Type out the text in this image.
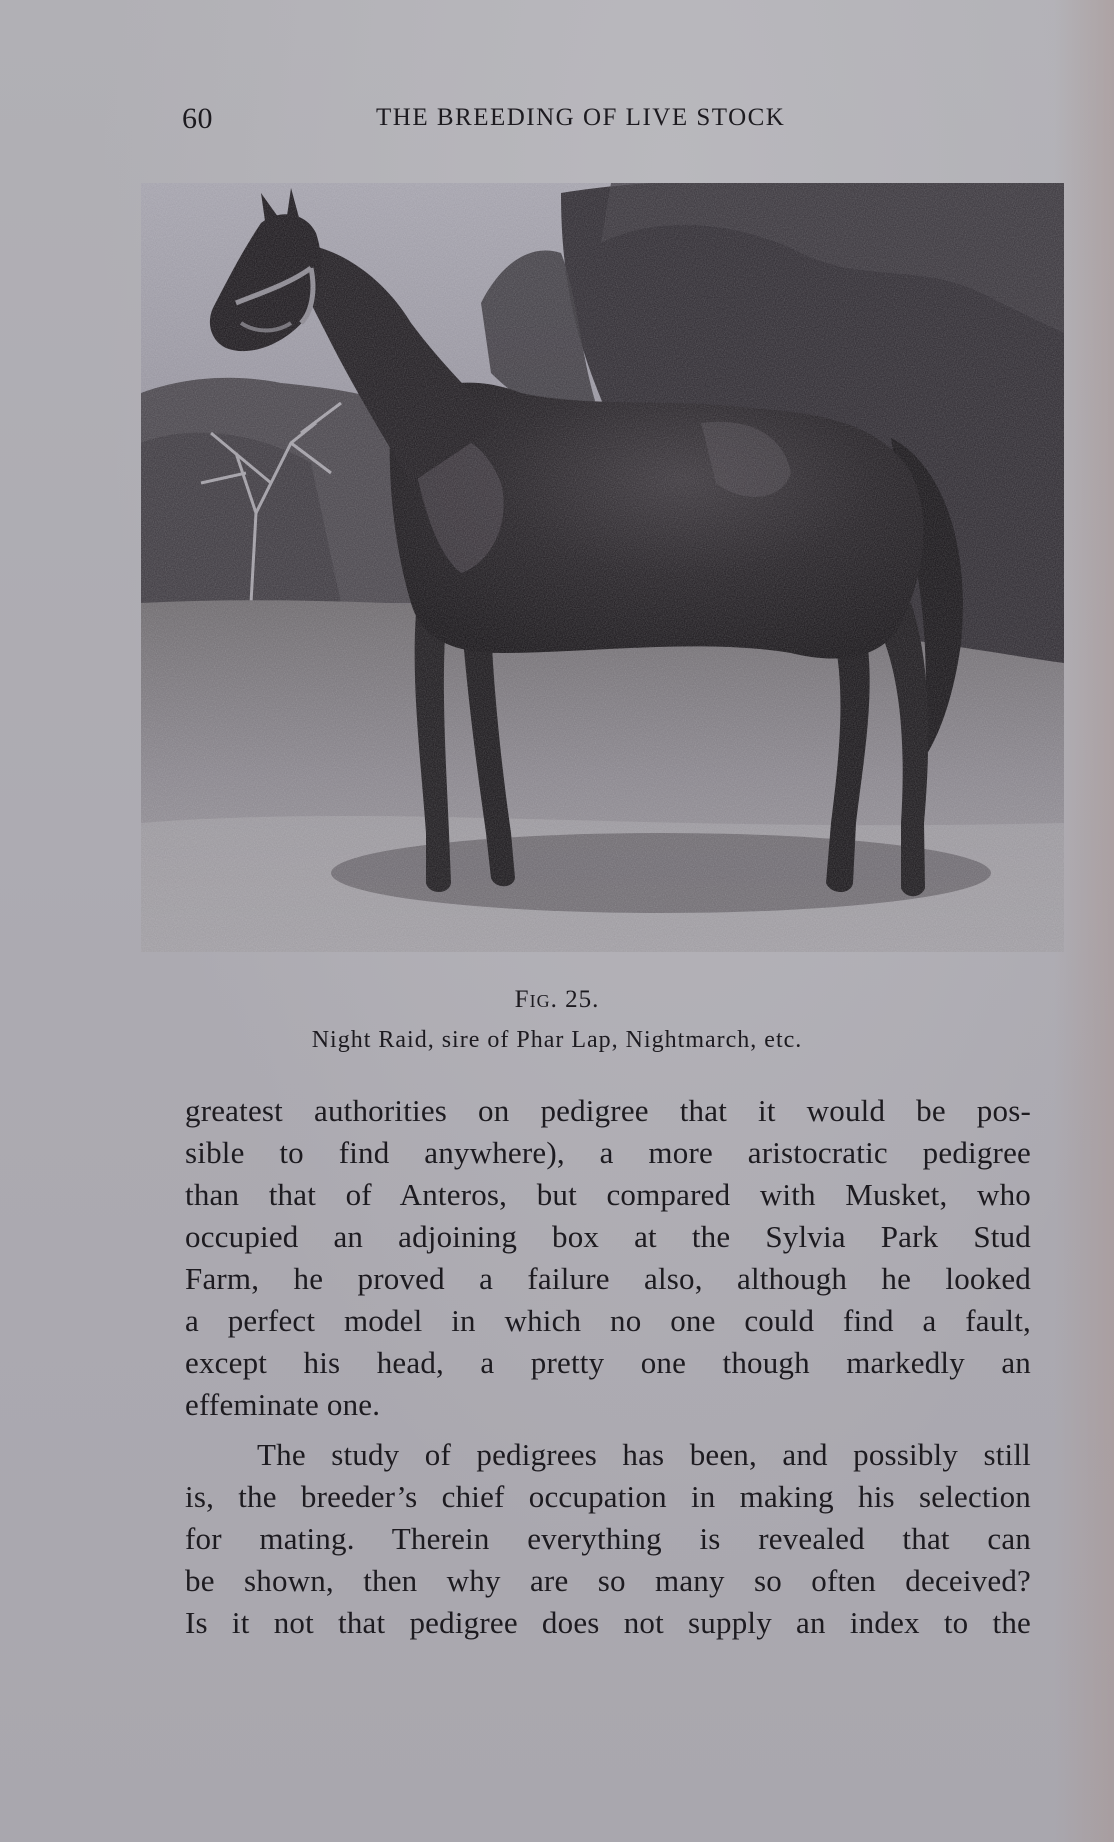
60	THE BREEDING OF LIVE STOCK
Fig. 25.
Night Raid, sire of Phar Lap, Nightmarch, etc.
greatest authorities on pedigree that it would be pos-
sible to find anywhere), a more aristocratic pedigree
than that of Anteros, but compared with Musket, who
occupied an adjoining box at the Sylvia Park Stud
Farm, he proved a failure also, although he looked
a perfect model in which no one could find a fault,
except his head, a pretty one though markedly an
effeminate one.
The study of pedigrees has been, and possibly still
is, the breeder’s chief occupation in making his selection
for mating. Therein everything is revealed that can
be shown, then why are so many so often deceived?
Is it not that pedigree does not supply an index to the
